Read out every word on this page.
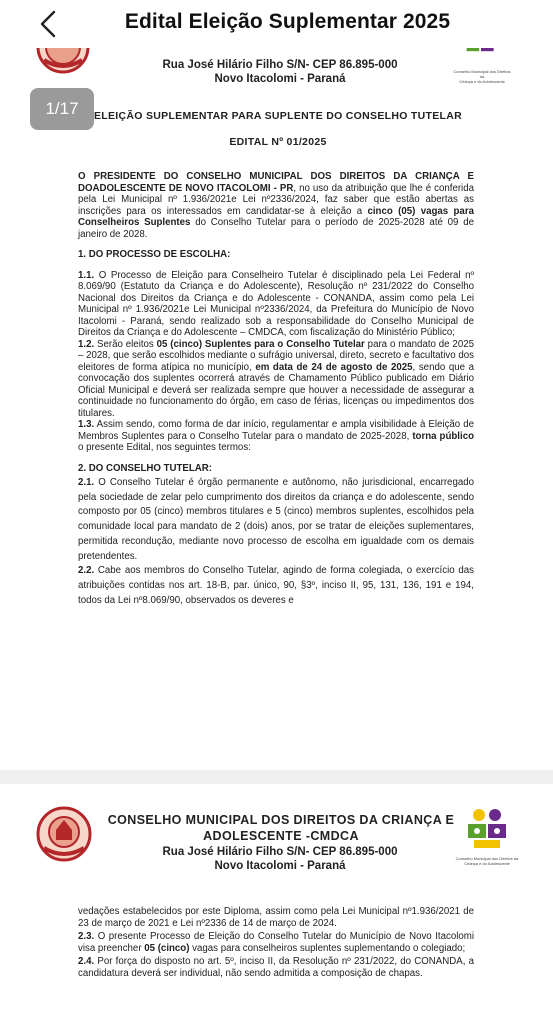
Edital Eleição Suplementar 2025
1/17
Rua José Hilário Filho S/N- CEP 86.895-000
Novo Itacolomi - Paraná
Conselho Municipal dos Direitos da
Criança e do Adolescente
ELEIÇÃO SUPLEMENTAR PARA SUPLENTE DO CONSELHO TUTELAR
EDITAL Nº 01/2025

O PRESIDENTE DO CONSELHO MUNICIPAL DOS DIREITOS DA CRIANÇA E DOADOLESCENTE DE NOVO ITACOLOMI - PR, no uso da atribuição que lhe é conferida pela Lei Municipal nº 1.936/2021e Lei nº2336/2024, faz saber que estão abertas as inscrições para os interessados em candidatar-se à eleição a cinco (05) vagas para Conselheiros Suplentes do Conselho Tutelar para o período de 2025-2028 até 09 de janeiro de 2028.

1. DO PROCESSO DE ESCOLHA:

1.1. O Processo de Eleição para Conselheiro Tutelar é disciplinado pela Lei Federal nº 8.069/90 (Estatuto da Criança e do Adolescente), Resolução nº 231/2022 do Conselho Nacional dos Direitos da Criança e do Adolescente - CONANDA, assim como pela Lei Municipal nº 1.936/2021e Lei Municipal nº2336/2024, da Prefeitura do Município de Novo Itacolomi - Paraná, sendo realizado sob a responsabilidade do Conselho Municipal de Direitos da Criança e do Adolescente – CMDCA, com fiscalização do Ministério Público;

1.2. Serão eleitos 05 (cinco) Suplentes para o Conselho Tutelar para o mandato de 2025 – 2028, que serão escolhidos mediante o sufrágio universal, direto, secreto e facultativo dos eleitores de forma atípica no município, em data de 24 de agosto de 2025, sendo que a convocação dos suplentes ocorrerá através de Chamamento Público publicado em Diário Oficial Municipal e deverá ser realizada sempre que houver a necessidade de assegurar a continuidade no funcionamento do órgão, em caso de férias, licenças ou impedimentos dos titulares.

1.3. Assim sendo, como forma de dar início, regulamentar e ampla visibilidade à Eleição de Membros Suplentes para o Conselho Tutelar para o mandato de 2025-2028, torna público o presente Edital, nos seguintes termos:

2. DO CONSELHO TUTELAR:

2.1. O Conselho Tutelar é órgão permanente e autônomo, não jurisdicional, encarregado pela sociedade de zelar pelo cumprimento dos direitos da criança e do adolescente, sendo composto por 05 (cinco) membros titulares e 5 (cinco) membros suplentes, escolhidos pela comunidade local para mandato de 2 (dois) anos, por se tratar de eleições suplementares, permitida recondução, mediante novo processo de escolha em igualdade com os demais pretendentes.

2.2. Cabe aos membros do Conselho Tutelar, agindo de forma colegiada, o exercício das atribuições contidas nos art. 18-B, par. único, 90, §3º, inciso II, 95, 131, 136, 191 e 194, todos da Lei nº8.069/90, observados os deveres e

CONSELHO MUNICIPAL DOS DIREITOS DA CRIANÇA E ADOLESCENTE -CMDCA
Rua José Hilário Filho S/N- CEP 86.895-000
Novo Itacolomi - Paraná
Conselho Municipal dos Direitos da
Criança e do Adolescente

vedações estabelecidos por este Diploma, assim como pela Lei Municipal nº1.936/2021 de 23 de março de 2021 e Lei nº2336 de 14 de março de 2024.

2.3. O presente Processo de Eleição do Conselho Tutelar do Município de Novo Itacolomi visa preencher 05 (cinco) vagas para conselheiros suplentes suplementando o colegiado;

2.4. Por força do disposto no art. 5º, inciso II, da Resolução nº 231/2022, do CONANDA, a candidatura deverá ser individual, não sendo admitida a composição de chapas.
